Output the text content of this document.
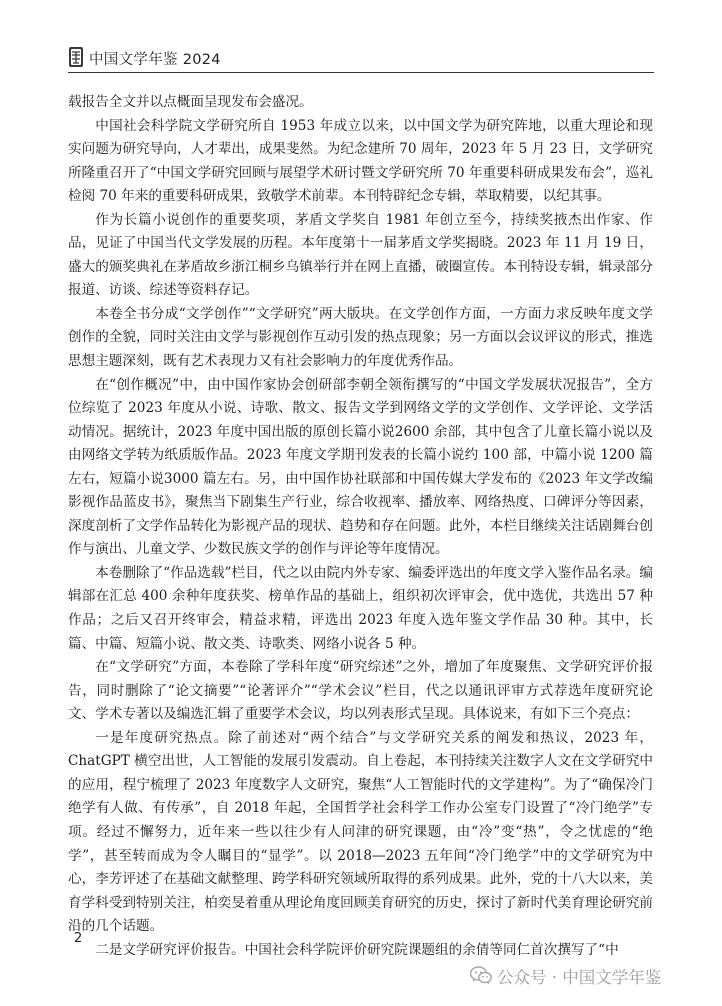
中国文学年鉴 2024

载报告全文并以点概面呈现发布会盛况。

中国社会科学院文学研究所自 1953 年成立以来，以中国文学为研究阵地，以重大理论和现实问题为研究导向，人才辈出，成果斐然。为纪念建所 70 周年，2023 年 5 月 23 日，文学研究所隆重召开了“中国文学研究回顾与展望学术研讨暨文学研究所 70 年重要科研成果发布会”，巡礼检阅 70 年来的重要科研成果，致敬学术前辈。本刊特辟纪念专辑，萃取精要，以纪其事。

作为长篇小说创作的重要奖项，茅盾文学奖自 1981 年创立至今，持续奖掖杰出作家、作品，见证了中国当代文学发展的历程。本年度第十一届茅盾文学奖揭晓。2023 年 11 月 19 日，盛大的颁奖典礼在茅盾故乡浙江桐乡乌镇举行并在网上直播，破圈宣传。本刊特设专辑，辑录部分报道、访谈、综述等资料存记。

本卷全书分成“文学创作”“文学研究”两大版块。在文学创作方面，一方面力求反映年度文学创作的全貌，同时关注由文学与影视创作互动引发的热点现象；另一方面以会议评议的形式，推选思想主题深刻，既有艺术表现力又有社会影响力的年度优秀作品。

在“创作概况”中，由中国作家协会创研部李朝全领衔撰写的“中国文学发展状况报告”，全方位综览了 2023 年度从小说、诗歌、散文、报告文学到网络文学的文学创作、文学评论、文学活动情况。据统计，2023 年度中国出版的原创长篇小说2600 余部，其中包含了儿童长篇小说以及由网络文学转为纸质版作品。2023 年度文学期刊发表的长篇小说约 100 部，中篇小说 1200 篇左右，短篇小说3000 篇左右。另，由中国作协社联部和中国传媒大学发布的《2023 年文学改编影视作品蓝皮书》，聚焦当下剧集生产行业，综合收视率、播放率、网络热度、口碑评分等因素，深度剖析了文学作品转化为影视产品的现状、趋势和存在问题。此外，本栏目继续关注话剧舞台创作与演出、儿童文学、少数民族文学的创作与评论等年度情况。

本卷删除了“作品选载”栏目，代之以由院内外专家、编委评选出的年度文学入鉴作品名录。编辑部在汇总 400 余种年度获奖、榜单作品的基础上，组织初次评审会，优中选优，共选出 57 种作品；之后又召开终审会，精益求精，评选出 2023 年度入选年鉴文学作品 30 种。其中，长篇、中篇、短篇小说、散文类、诗歌类、网络小说各 5 种。

在“文学研究”方面，本卷除了学科年度“研究综述”之外，增加了年度聚焦、文学研究评价报告，同时删除了“论文摘要”“论著评介”“学术会议”栏目，代之以通讯评审方式荐选年度研究论文、学术专著以及编选汇辑了重要学术会议，均以列表形式呈现。具体说来，有如下三个亮点：

一是年度研究热点。除了前述对“两个结合”与文学研究关系的阐发和热议，2023 年，ChatGPT 横空出世，人工智能的发展引发震动。自上卷起，本刊持续关注数字人文在文学研究中的应用，程宁梳理了 2023 年度数字人文研究，聚焦“人工智能时代的文学建构”。为了“确保冷门绝学有人做、有传承”，自 2018 年起，全国哲学社会科学工作办公室专门设置了“冷门绝学”专项。经过不懈努力，近年来一些以往少有人问津的研究课题，由“冷”变“热”，令之忧虑的“绝学”，甚至转而成为令人瞩目的“显学”。以 2018—2023 五年间“冷门绝学”中的文学研究为中心，李芳评述了在基础文献整理、跨学科研究领域所取得的系列成果。此外，党的十八大以来，美育学科受到特别关注，柏奕旻着重从理论角度回顾美育研究的历史，探讨了新时代美育理论研究前沿的几个话题。

二是文学研究评价报告。中国社会科学院评价研究院课题组的余倩等同仁首次撰写了“中

2
公众号 · 中国文学年鉴
